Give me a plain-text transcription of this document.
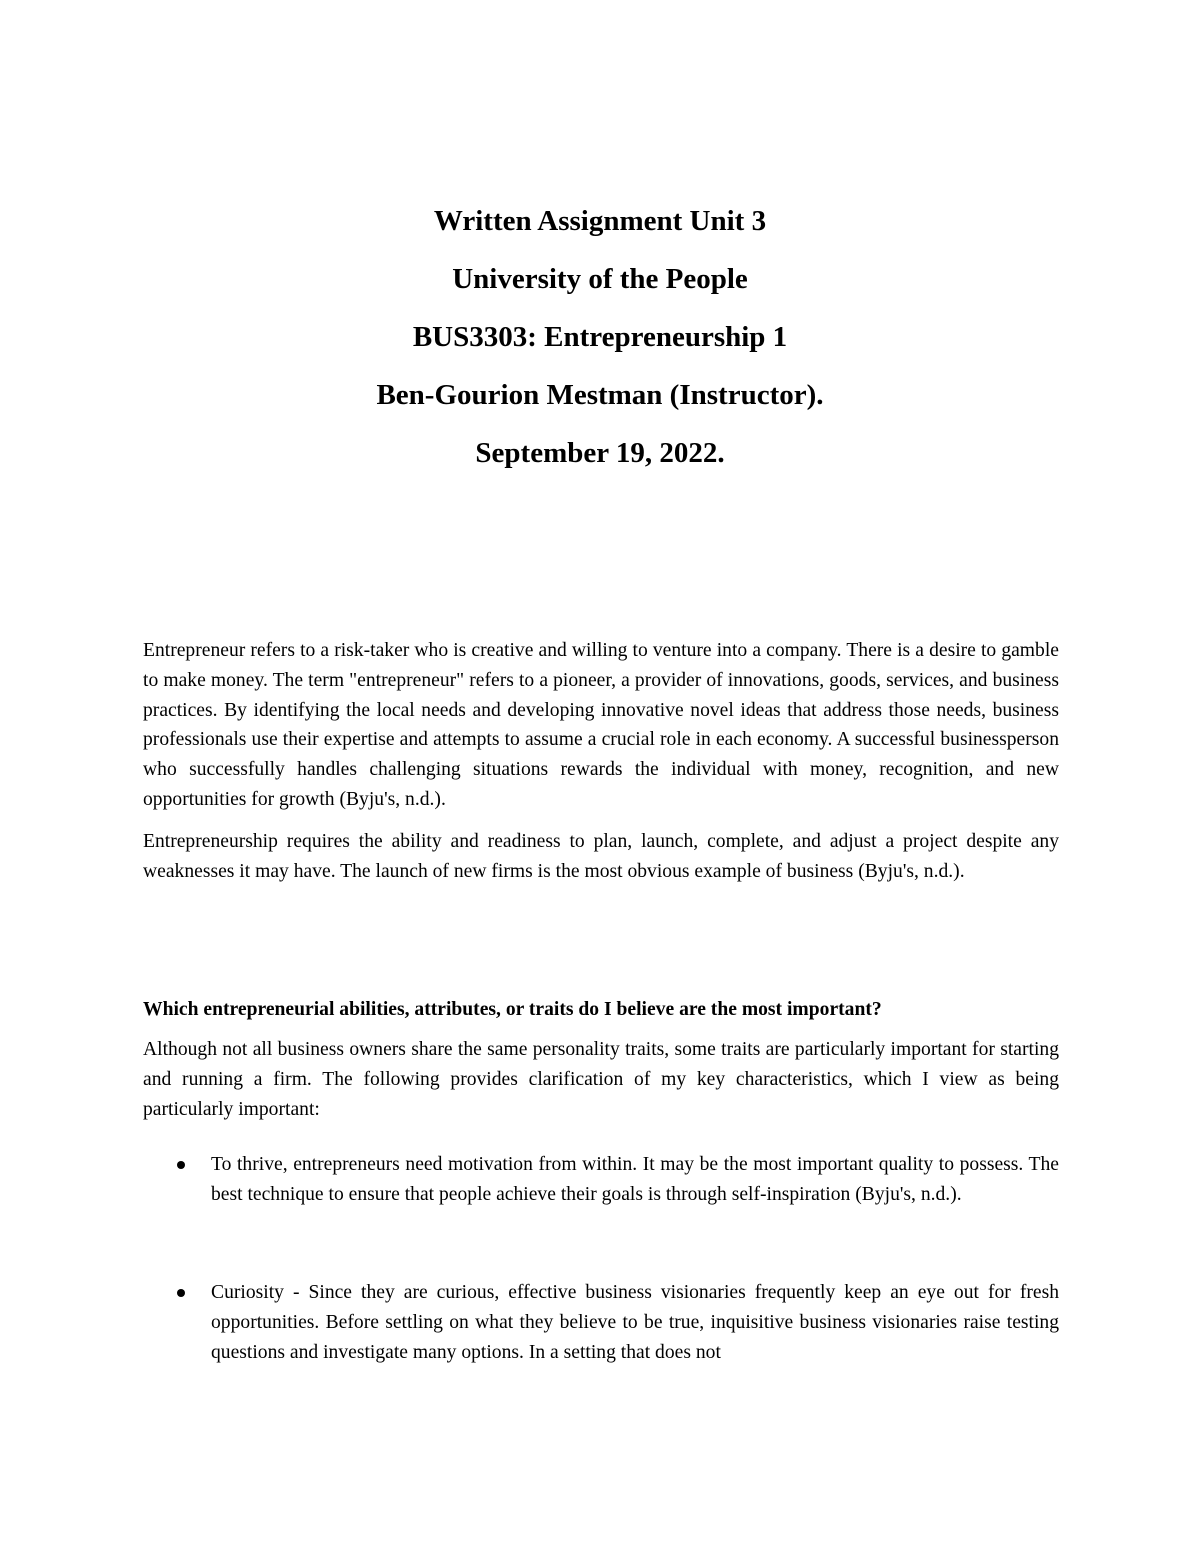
Written Assignment Unit 3
University of the People
BUS3303: Entrepreneurship 1
Ben-Gourion Mestman (Instructor).
September 19, 2022.

Entrepreneur refers to a risk-taker who is creative and willing to venture into a company. There is a desire to gamble to make money. The term "entrepreneur" refers to a pioneer, a provider of innovations, goods, services, and business practices. By identifying the local needs and developing innovative novel ideas that address those needs, business professionals use their expertise and attempts to assume a crucial role in each economy. A successful businessperson who successfully handles challenging situations rewards the individual with money, recognition, and new opportunities for growth (Byju's, n.d.).

Entrepreneurship requires the ability and readiness to plan, launch, complete, and adjust a project despite any weaknesses it may have. The launch of new firms is the most obvious example of business (Byju's, n.d.).

Which entrepreneurial abilities, attributes, or traits do I believe are the most important?

Although not all business owners share the same personality traits, some traits are particularly important for starting and running a firm. The following provides clarification of my key characteristics, which I view as being particularly important:

To thrive, entrepreneurs need motivation from within. It may be the most important quality to possess. The best technique to ensure that people achieve their goals is through self-inspiration (Byju's, n.d.).
Curiosity - Since they are curious, effective business visionaries frequently keep an eye out for fresh opportunities. Before settling on what they believe to be true, inquisitive business visionaries raise testing questions and investigate many options. In a setting that does not
